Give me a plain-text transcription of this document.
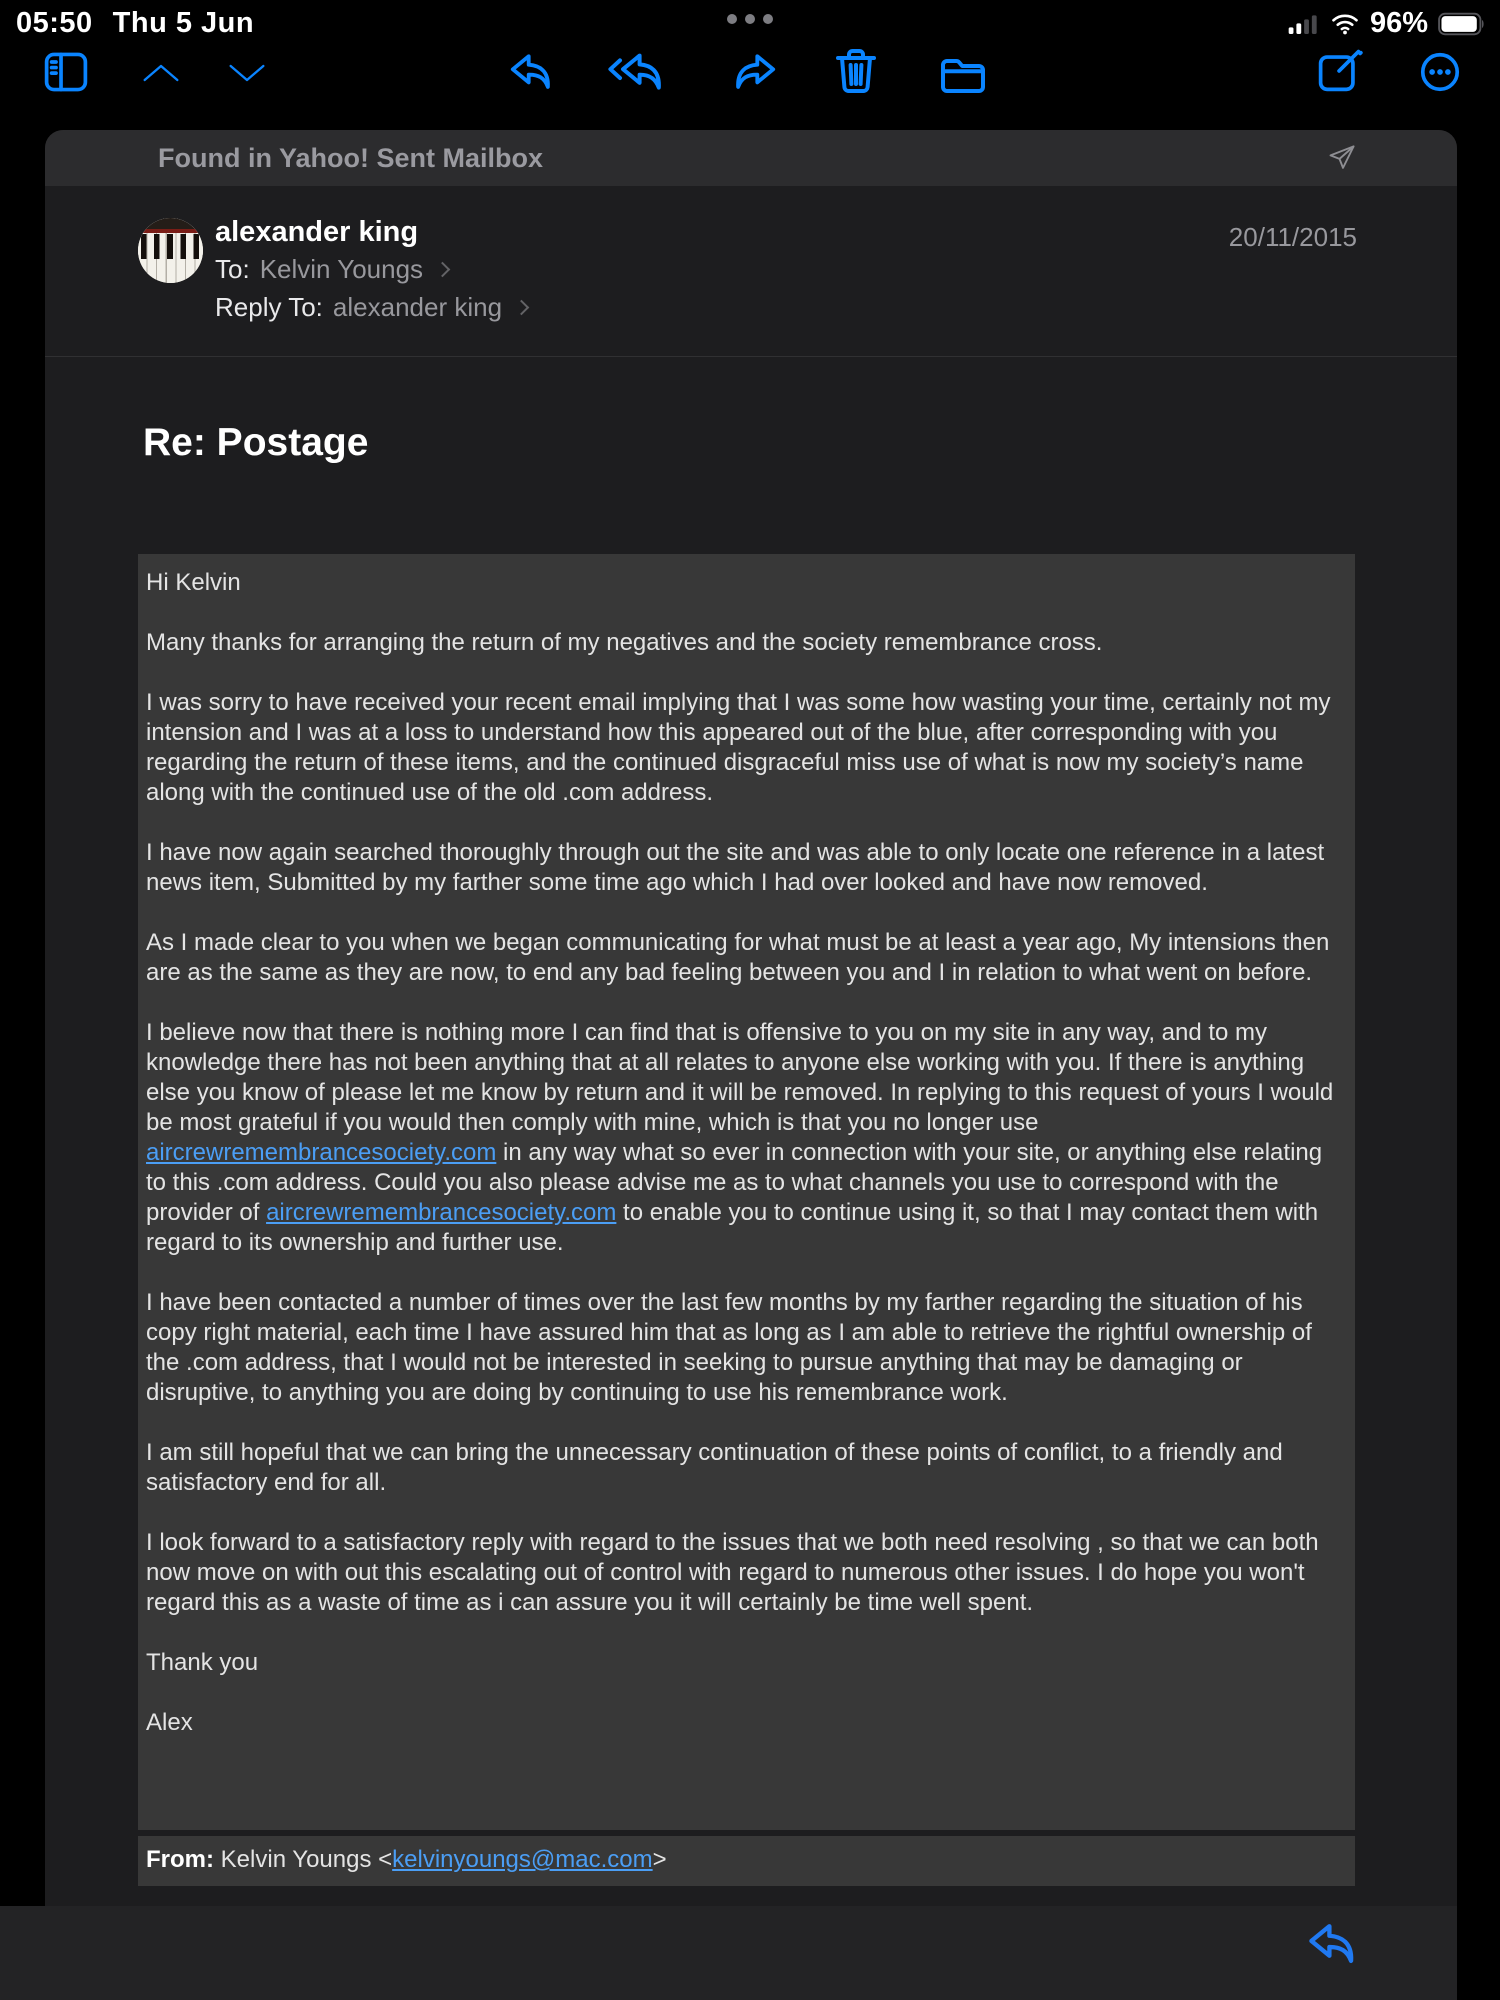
05:50 Thu 5 Jun	96%
Found in Yahoo! Sent Mailbox
alexander king
To: Kelvin Youngs
Reply To: alexander king
20/11/2015
Re: Postage

Hi Kelvin

Many thanks for arranging the return of my negatives and the society remembrance cross.

I was sorry to have received your recent email implying that I was some how wasting your time, certainly not my intension and I was at a loss to understand how this appeared out of the blue, after corresponding with you regarding the return of these items, and the continued disgraceful miss use of what is now my society’s name along with the continued use of the old .com address.

I have now again searched thoroughly through out the site and was able to only locate one reference in a latest news item, Submitted by my farther some time ago which I had over looked and have now removed.

As I made clear to you when we began communicating for what must be at least a year ago, My intensions then are as the same as they are now, to end any bad feeling between you and I in relation to what went on before.

I believe now that there is nothing more I can find that is offensive to you on my site in any way, and to my knowledge there has not been anything that at all relates to anyone else working with you. If there is anything else you know of please let me know by return and it will be removed. In replying to this request of yours I would be most grateful if you would then comply with mine, which is that you no longer use aircrewremembrancesociety.com in any way what so ever in connection with your site, or anything else relating to this .com address. Could you also please advise me as to what channels you use to correspond with the provider of aircrewremembrancesociety.com to enable you to continue using it, so that I may contact them with regard to its ownership and further use.

I have been contacted a number of times over the last few months by my farther regarding the situation of his copy right material, each time I have assured him that as long as I am able to retrieve the rightful ownership of the .com address, that I would not be interested in seeking to pursue anything that may be damaging or disruptive, to anything you are doing by continuing to use his remembrance work.

I am still hopeful that we can bring the unnecessary continuation of these points of conflict, to a friendly and satisfactory end for all.

I look forward to a satisfactory reply with regard to the issues that we both need resolving , so that we can both now move on with out this escalating out of control with regard to numerous other issues. I do hope you won't regard this as a waste of time as i can assure you it will certainly be time well spent.

Thank you

Alex

From: Kelvin Youngs <kelvinyoungs@mac.com>
